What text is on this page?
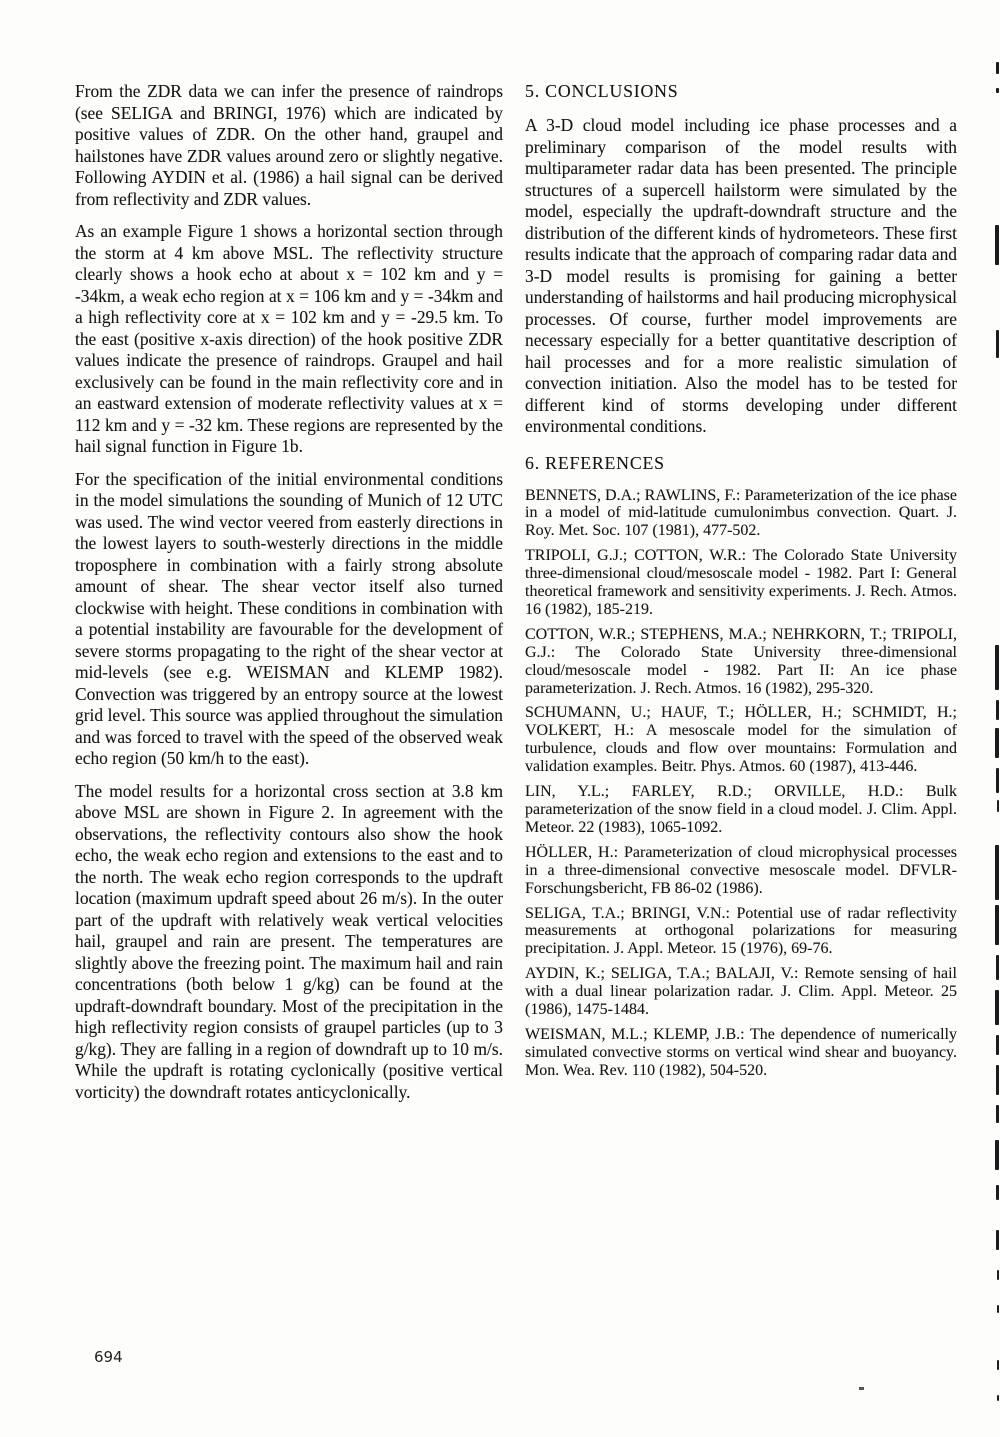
From the ZDR data we can infer the presence of raindrops (see SELIGA and BRINGI, 1976) which are indicated by positive values of ZDR. On the other hand, graupel and hailstones have ZDR values around zero or slightly negative. Following AYDIN et al. (1986) a hail signal can be derived from reflectivity and ZDR values.

As an example Figure 1 shows a horizontal section through the storm at 4 km above MSL. The reflectivity structure clearly shows a hook echo at about x = 102 km and y = -34km, a weak echo region at x = 106 km and y = -34km and a high reflectivity core at x = 102 km and y = -29.5 km. To the east (positive x-axis direction) of the hook positive ZDR values indicate the presence of raindrops. Graupel and hail exclusively can be found in the main reflectivity core and in an eastward extension of moderate reflectivity values at x = 112 km and y = -32 km. These regions are represented by the hail signal function in Figure 1b.

For the specification of the initial environmental conditions in the model simulations the sounding of Munich of 12 UTC was used. The wind vector veered from easterly directions in the lowest layers to south-westerly directions in the middle troposphere in combination with a fairly strong absolute amount of shear. The shear vector itself also turned clockwise with height. These conditions in combination with a potential instability are favourable for the development of severe storms propagating to the right of the shear vector at mid-levels (see e.g. WEISMAN and KLEMP 1982). Convection was triggered by an entropy source at the lowest grid level. This source was applied throughout the simulation and was forced to travel with the speed of the observed weak echo region (50 km/h to the east).

The model results for a horizontal cross section at 3.8 km above MSL are shown in Figure 2. In agreement with the observations, the reflectivity contours also show the hook echo, the weak echo region and extensions to the east and to the north. The weak echo region corresponds to the updraft location (maximum updraft speed about 26 m/s). In the outer part of the updraft with relatively weak vertical velocities hail, graupel and rain are present. The temperatures are slightly above the freezing point. The maximum hail and rain concentrations (both below 1 g/kg) can be found at the updraft-downdraft boundary. Most of the precipitation in the high reflectivity region consists of graupel particles (up to 3 g/kg). They are falling in a region of downdraft up to 10 m/s. While the updraft is rotating cyclonically (positive vertical vorticity) the downdraft rotates anticyclonically.

5. CONCLUSIONS

A 3-D cloud model including ice phase processes and a preliminary comparison of the model results with multiparameter radar data has been presented. The principle structures of a supercell hailstorm were simulated by the model, especially the updraft-downdraft structure and the distribution of the different kinds of hydrometeors. These first results indicate that the approach of comparing radar data and 3-D model results is promising for gaining a better understanding of hailstorms and hail producing microphysical processes. Of course, further model improvements are necessary especially for a better quantitative description of hail processes and for a more realistic simulation of convection initiation. Also the model has to be tested for different kind of storms developing under different environmental conditions.

6. REFERENCES

BENNETS, D.A.; RAWLINS, F.: Parameterization of the ice phase in a model of mid-latitude cumulonimbus convection. Quart. J. Roy. Met. Soc. 107 (1981), 477-502.

TRIPOLI, G.J.; COTTON, W.R.: The Colorado State University three-dimensional cloud/mesoscale model - 1982. Part I: General theoretical framework and sensitivity experiments. J. Rech. Atmos. 16 (1982), 185-219.

COTTON, W.R.; STEPHENS, M.A.; NEHRKORN, T.; TRIPOLI, G.J.: The Colorado State University three-dimensional cloud/mesoscale model - 1982. Part II: An ice phase parameterization. J. Rech. Atmos. 16 (1982), 295-320.

SCHUMANN, U.; HAUF, T.; HÖLLER, H.; SCHMIDT, H.; VOLKERT, H.: A mesoscale model for the simulation of turbulence, clouds and flow over mountains: Formulation and validation examples. Beitr. Phys. Atmos. 60 (1987), 413-446.

LIN, Y.L.; FARLEY, R.D.; ORVILLE, H.D.: Bulk parameterization of the snow field in a cloud model. J. Clim. Appl. Meteor. 22 (1983), 1065-1092.

HÖLLER, H.: Parameterization of cloud microphysical processes in a three-dimensional convective mesoscale model. DFVLR-Forschungsbericht, FB 86-02 (1986).

SELIGA, T.A.; BRINGI, V.N.: Potential use of radar reflectivity measurements at orthogonal polarizations for measuring precipitation. J. Appl. Meteor. 15 (1976), 69-76.

AYDIN, K.; SELIGA, T.A.; BALAJI, V.: Remote sensing of hail with a dual linear polarization radar. J. Clim. Appl. Meteor. 25 (1986), 1475-1484.

WEISMAN, M.L.; KLEMP, J.B.: The dependence of numerically simulated convective storms on vertical wind shear and buoyancy. Mon. Wea. Rev. 110 (1982), 504-520.

694
